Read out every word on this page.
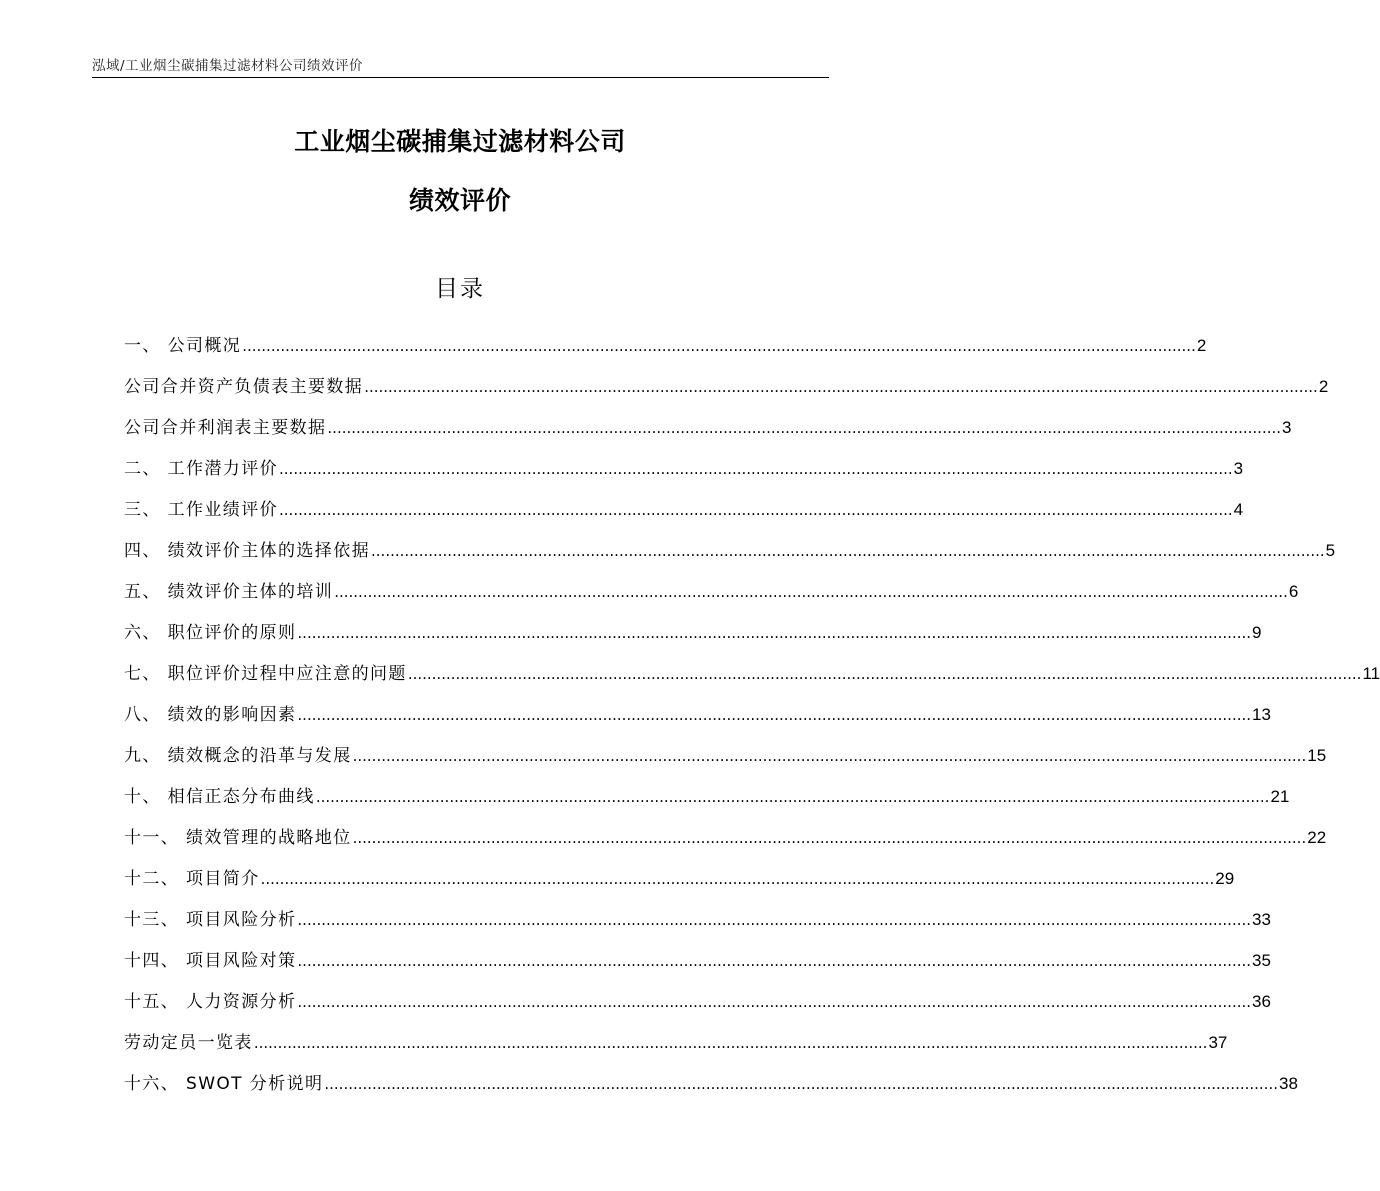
泓域/工业烟尘碳捕集过滤材料公司绩效评价
工业烟尘碳捕集过滤材料公司
绩效评价
目录
一、 公司概况 ........................................................................................................................................................................................................ 2
公司合并资产负债表主要数据 ........................................................................................................................................................................................................ 2
公司合并利润表主要数据 ........................................................................................................................................................................................................ 3
二、 工作潜力评价 ........................................................................................................................................................................................................ 3
三、 工作业绩评价 ........................................................................................................................................................................................................ 4
四、 绩效评价主体的选择依据 ........................................................................................................................................................................................................ 5
五、 绩效评价主体的培训 ........................................................................................................................................................................................................ 6
六、 职位评价的原则 ........................................................................................................................................................................................................ 9
七、 职位评价过程中应注意的问题 ........................................................................................................................................................................................................ 11
八、 绩效的影响因素 ........................................................................................................................................................................................................ 13
九、 绩效概念的沿革与发展 ........................................................................................................................................................................................................ 15
十、 相信正态分布曲线 ........................................................................................................................................................................................................ 21
十一、 绩效管理的战略地位 ........................................................................................................................................................................................................ 22
十二、 项目简介 ........................................................................................................................................................................................................ 29
十三、 项目风险分析 ........................................................................................................................................................................................................ 33
十四、 项目风险对策 ........................................................................................................................................................................................................ 35
十五、 人力资源分析 ........................................................................................................................................................................................................ 36
劳动定员一览表 ........................................................................................................................................................................................................ 37
十六、 SWOT 分析说明 ........................................................................................................................................................................................................ 38
